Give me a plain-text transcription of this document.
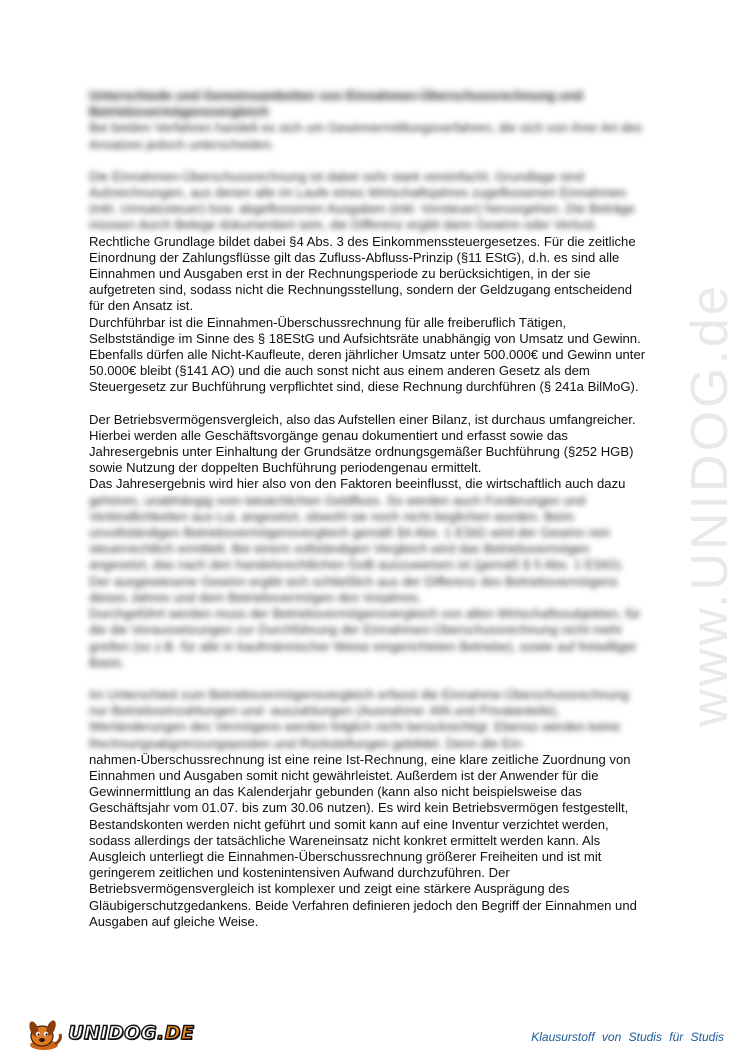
Unterschiede und Gemeinsamkeiten von Einnahmen-Überschussrechnung und Betriebsvermögensvergleich

Bei beiden Verfahren handelt es sich um Gewinnermittlungsverfahren, die sich von ihrer Art des Ansatzes jedoch unterscheiden.

Die Einnahmen-Überschussrechnung ist dabei sehr stark vereinfacht. Grundlage sind Aufzeichnungen, aus denen alle im Laufe eines Wirtschaftsjahres zugeflossenen Einnahmen (inkl. Umsatzsteuer) bzw. abgeflossenen Ausgaben (inkl. Vorsteuer) hervorgehen. Die Beträge müssen durch Belege dokumentiert sein, die Differenz ergibt dann Gewinn oder Verlust.

Rechtliche Grundlage bildet dabei §4 Abs. 3 des Einkommenssteuergesetzes. Für die zeitliche Einordnung der Zahlungsflüsse gilt das Zufluss-Abfluss-Prinzip (§11 EStG), d.h. es sind alle Einnahmen und Ausgaben erst in der Rechnungsperiode zu berücksichtigen, in der sie aufgetreten sind, sodass nicht die Rechnungsstellung, sondern der Geldzugang entscheidend für den Ansatz ist.

Durchführbar ist die Einnahmen-Überschussrechnung für alle freiberuflich Tätigen, Selbstständige im Sinne des § 18EStG und Aufsichtsräte unabhängig von Umsatz und Gewinn. Ebenfalls dürfen alle Nicht-Kaufleute, deren jährlicher Umsatz unter 500.000€ und Gewinn unter 50.000€ bleibt (§141 AO) und die auch sonst nicht aus einem anderen Gesetz als dem Steuergesetz zur Buchführung verpflichtet sind, diese Rechnung durchführen (§ 241a BilMoG).

Der Betriebsvermögensvergleich, also das Aufstellen einer Bilanz, ist durchaus umfangreicher. Hierbei werden alle Geschäftsvorgänge genau dokumentiert und erfasst sowie das Jahresergebnis unter Einhaltung der Grundsätze ordnungsgemäßer Buchführung (§252 HGB) sowie Nutzung der doppelten Buchführung periodengenau ermittelt.

Das Jahresergebnis wird hier also von den Faktoren beeinflusst, die wirtschaftlich auch dazu

gehören, unabhängig vom tatsächlichen Geldfluss. So werden auch Forderungen und Verbindlichkeiten aus LuL angesetzt, obwohl sie noch nicht beglichen wurden. Beim unvollständigen Betriebsvermögensvergleich gemäß §4 Abs. 1 EStG wird der Gewinn rein steuerrechtlich ermittelt. Bei einem vollständigen Vergleich wird das Betriebsvermögen angesetzt, das nach den handelsrechtlichen GoB auszuweisen ist (gemäß § 5 Abs. 1 EStG).

Der ausgewiesene Gewinn ergibt sich schließlich aus der Differenz des Betriebsvermögens dieses Jahres und dem Betriebsvermögen des Vorjahres.

Durchgeführt werden muss der Betriebsvermögensvergleich von allen Wirtschaftssubjekten, für die die Voraussetzungen zur Durchführung der Einnahmen-Überschussrechnung nicht mehr greifen (so z.B. für alle in kaufmännischer Weise eingerichteten Betriebe), sowie auf freiwilliger Basis.

Im Unterschied zum Betriebsvermögensvergleich erfasst die Einnahme-Überschussrechnung nur Betriebseinzahlungen und -auszahlungen (Ausnahme: AfA und Privatanteile), Wertänderungen des Vermögens werden folglich nicht berücksichtigt. Ebenso werden keine Rechnungsabgrenzungsposten und Rückstellungen gebildet. Denn die Ein-

nahmen-Überschussrechnung ist eine reine Ist-Rechnung, eine klare zeitliche Zuordnung von Einnahmen und Ausgaben somit nicht gewährleistet. Außerdem ist der Anwender für die Gewinnermittlung an das Kalenderjahr gebunden (kann also nicht beispielsweise das Geschäftsjahr vom 01.07. bis zum 30.06 nutzen). Es wird kein Betriebsvermögen festgestellt, Bestandskonten werden nicht geführt und somit kann auf eine Inventur verzichtet werden, sodass allerdings der tatsächliche Wareneinsatz nicht konkret ermittelt werden kann. Als Ausgleich unterliegt die Einnahmen-Überschussrechnung größerer Freiheiten und ist mit geringerem zeitlichen und kostenintensiven Aufwand durchzuführen. Der Betriebsvermögensvergleich ist komplexer und zeigt eine stärkere Ausprägung des Gläubigerschutzgedankens. Beide Verfahren definieren jedoch den Begriff der Einnahmen und Ausgaben auf gleiche Weise.

www.UNIDOG.de
UNIDOG.DE	Klausurstoff von Studis für Studis
